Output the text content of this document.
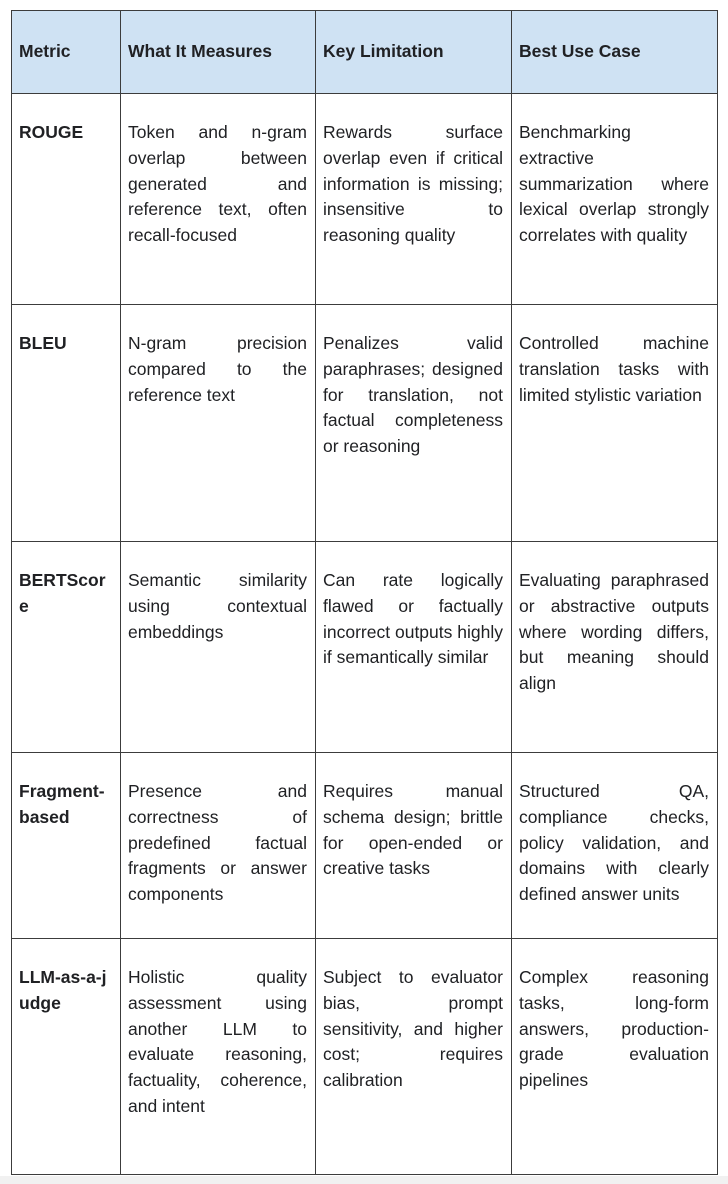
Metric	What It Measures	Key Limitation	Best Use Case
ROUGE	Token and n-gram overlap between generated and reference text, often recall-focused	Rewards surface overlap even if critical information is missing; insensitive to reasoning quality	Benchmarking extractive summarization where lexical overlap strongly correlates with quality
BLEU	N-gram precision compared to the reference text	Penalizes valid paraphrases; designed for translation, not factual completeness or reasoning	Controlled machine translation tasks with limited stylistic variation
BERTScore	Semantic similarity using contextual embeddings	Can rate logically flawed or factually incorrect outputs highly if semantically similar	Evaluating paraphrased or abstractive outputs where wording differs, but meaning should align
Fragment-based	Presence and correctness of predefined factual fragments or answer components	Requires manual schema design; brittle for open-ended or creative tasks	Structured QA, compliance checks, policy validation, and domains with clearly defined answer units
LLM-as-a-judge	Holistic quality assessment using another LLM to evaluate reasoning, factuality, coherence, and intent	Subject to evaluator bias, prompt sensitivity, and higher cost; requires calibration	Complex reasoning tasks, long-form answers, production-grade evaluation pipelines
